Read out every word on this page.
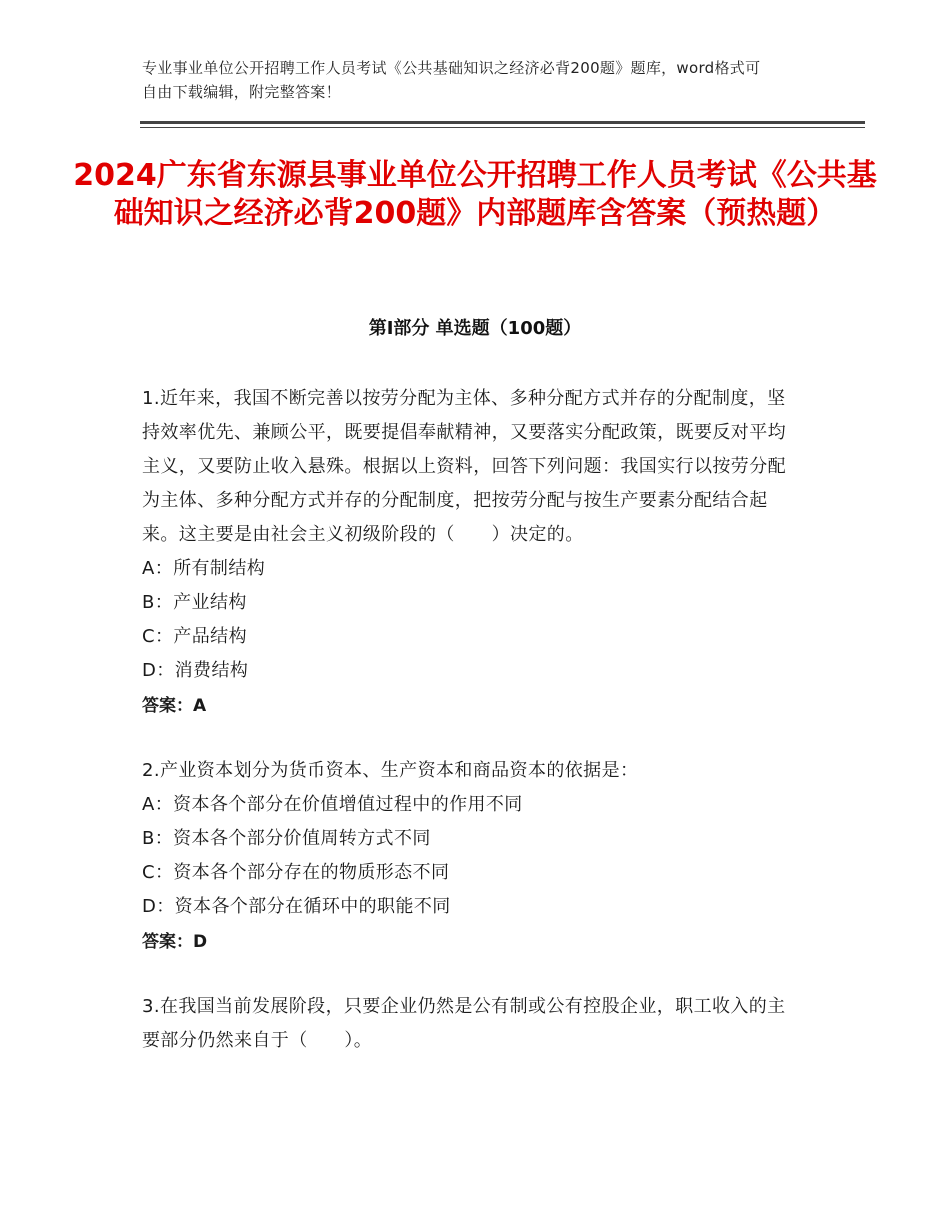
专业事业单位公开招聘工作人员考试《公共基础知识之经济必背200题》题库，word格式可自由下载编辑，附完整答案！
2024广东省东源县事业单位公开招聘工作人员考试《公共基础知识之经济必背200题》内部题库含答案（预热题）
第I部分 单选题（100题）

1.近年来，我国不断完善以按劳分配为主体、多种分配方式并存的分配制度，坚持效率优先、兼顾公平，既要提倡奉献精神，又要落实分配政策，既要反对平均主义，又要防止收入悬殊。根据以上资料，回答下列问题：我国实行以按劳分配为主体、多种分配方式并存的分配制度，把按劳分配与按生产要素分配结合起来。这主要是由社会主义初级阶段的（　　）决定的。

A：所有制结构

B：产业结构

C：产品结构

D：消费结构

答案：A

2.产业资本划分为货币资本、生产资本和商品资本的依据是：

A：资本各个部分在价值增值过程中的作用不同

B：资本各个部分价值周转方式不同

C：资本各个部分存在的物质形态不同

D：资本各个部分在循环中的职能不同

答案：D

3.在我国当前发展阶段，只要企业仍然是公有制或公有控股企业，职工收入的主要部分仍然来自于（　　）。
